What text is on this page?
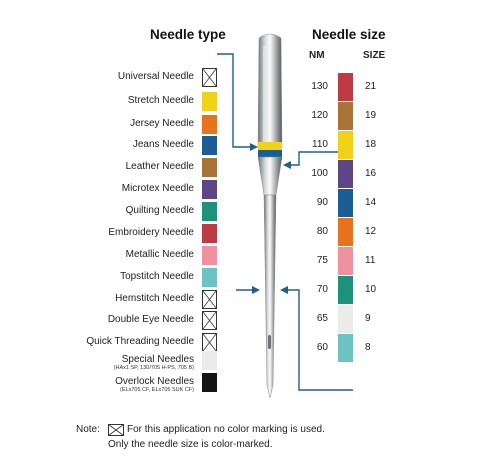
Needle type	Needle size
NM	SIZE
Universal Needle
Stretch Needle
Jersey Needle
Jeans Needle
Leather Needle
Microtex Needle
Quilting Needle
Embroidery Needle
Metallic Needle
Topstitch Needle
Hemstitch Needle
Double Eye Needle
Quick Threading Needle
Special Needles
(HAx1 SP, 130/705 H-PS, 705 B)
Overlock Needles
(ELx705 CF, ELx705 SUK CF)
130	21
120	19
110	18
100	16
90	14
80	12
75	11
70	10
65	9
60	8
Note: ☒ For this application no color marking is used.
Only the needle size is color-marked.
